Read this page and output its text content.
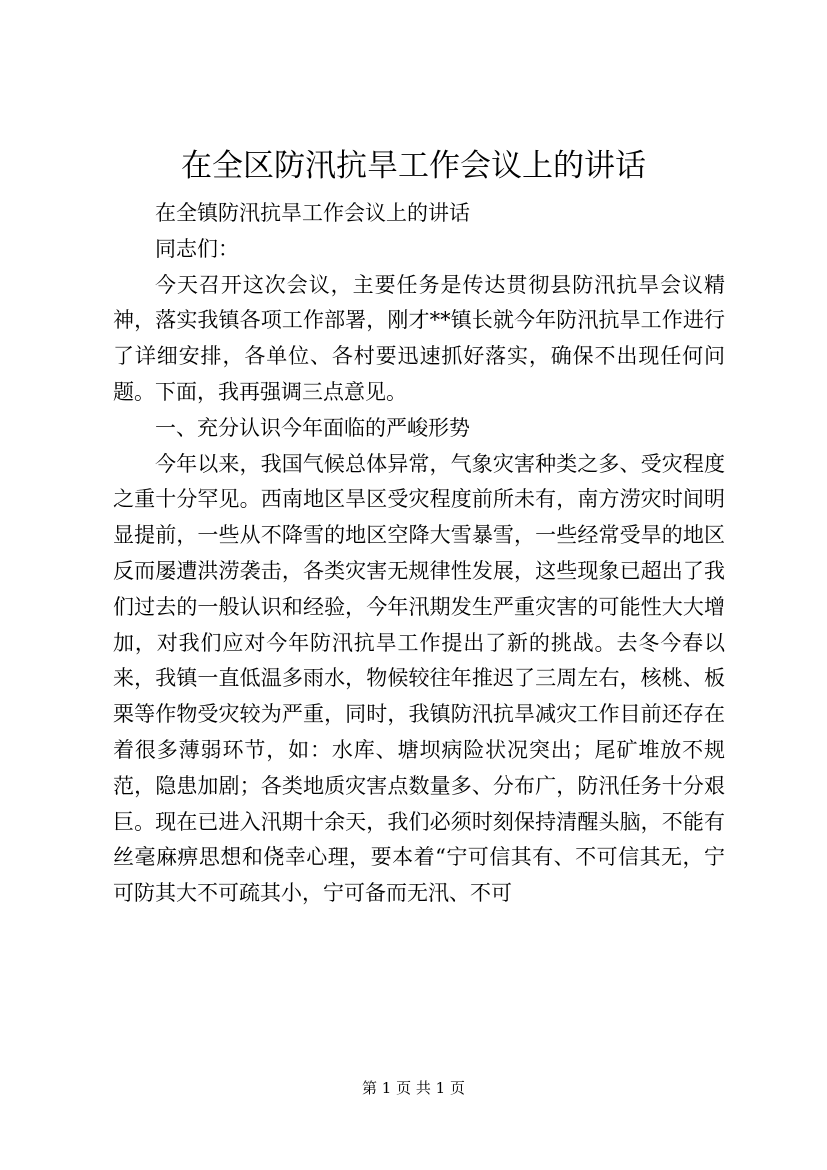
在全区防汛抗旱工作会议上的讲话

在全镇防汛抗旱工作会议上的讲话

同志们：

今天召开这次会议，主要任务是传达贯彻县防汛抗旱会议精神，落实我镇各项工作部署，刚才**镇长就今年防汛抗旱工作进行了详细安排，各单位、各村要迅速抓好落实，确保不出现任何问题。下面，我再强调三点意见。

一、充分认识今年面临的严峻形势

今年以来，我国气候总体异常，气象灾害种类之多、受灾程度之重十分罕见。西南地区旱区受灾程度前所未有，南方涝灾时间明显提前，一些从不降雪的地区空降大雪暴雪，一些经常受旱的地区反而屡遭洪涝袭击，各类灾害无规律性发展，这些现象已超出了我们过去的一般认识和经验，今年汛期发生严重灾害的可能性大大增加，对我们应对今年防汛抗旱工作提出了新的挑战。去冬今春以来，我镇一直低温多雨水，物候较往年推迟了三周左右，核桃、板栗等作物受灾较为严重，同时，我镇防汛抗旱减灾工作目前还存在着很多薄弱环节，如：水库、塘坝病险状况突出；尾矿堆放不规范，隐患加剧；各类地质灾害点数量多、分布广，防汛任务十分艰巨。现在已进入汛期十余天，我们必须时刻保持清醒头脑，不能有丝毫麻痹思想和侥幸心理，要本着“宁可信其有、不可信其无，宁可防其大不可疏其小，宁可备而无汛、不可

第 1 页 共 1 页
